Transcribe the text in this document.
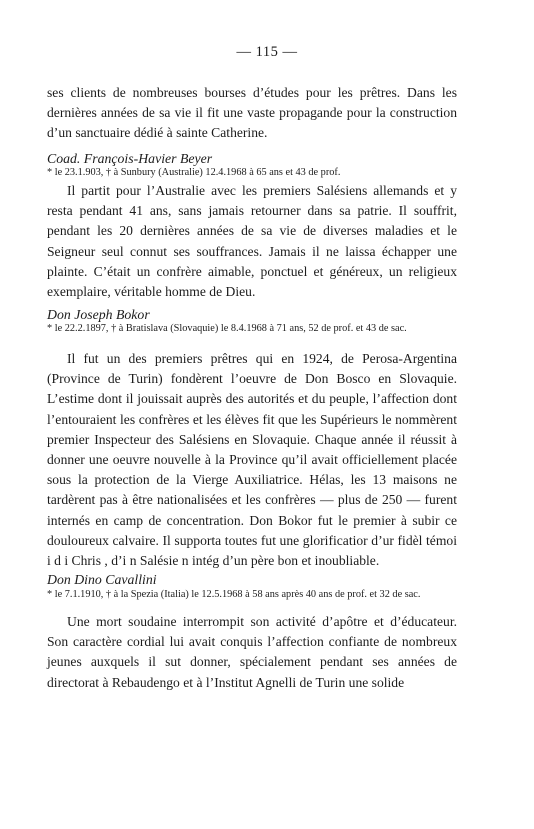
— 115 —

ses clients de nombreuses bourses d’études pour les prêtres. Dans les dernières années de sa vie il fit une vaste propagande pour la construction d’un sanctuaire dédié à sainte Catherine.

Coad. François-Havier Beyer

* le 23.1.903, † à Sunbury (Australie) 12.4.1968 à 65 ans et 43 de prof.

Il partit pour l’Australie avec les premiers Salésiens allemands et y resta pendant 41 ans, sans jamais retourner dans sa patrie. Il souffrit, pendant les 20 dernières années de sa vie de diverses maladies et le Seigneur seul connut ses souffrances. Jamais il ne laissa échapper une plainte. C’était un confrère aimable, ponctuel et généreux, un religieux exemplaire, véritable homme de Dieu.

Don Joseph Bokor

* le 22.2.1897, † à Bratislava (Slovaquie) le 8.4.1968 à 71 ans, 52 de prof. et 43 de sac.

Il fut un des premiers prêtres qui en 1924, de Perosa-Argentina (Province de Turin) fondèrent l’oeuvre de Don Bosco en Slovaquie. L’estime dont il jouissait auprès des autorités et du peuple, l’affection dont l’entouraient les confrères et les élèves fit que les Supérieurs le nommèrent premier Inspecteur des Salésiens en Slovaquie. Chaque année il réussit à donner une oeuvre nouvelle à la Province qu’il avait officiellement placée sous la protection de la Vierge Auxiliatrice. Hélas, les 13 maisons ne tardèrent pas à être nationalisées et les confrères — plus de 250 — furent internés en camp de concentration. Don Bokor fut le premier à subir ce douloureux calvaire. Il supporta toutes fut une glorificatior d’ur fidèl témoi i d i Chris , d’i n Salésie n intég d’un père bon et inoubliable.

Don Dino Cavallini

* le 7.1.1910, † à la Spezia (Italia) le 12.5.1968 à 58 ans après 40 ans de prof. et 32 de sac.

Une mort soudaine interrompit son activité d’apôtre et d’éducateur. Son caractère cordial lui avait conquis l’affection confiante de nombreux jeunes auxquels il sut donner, spécialement pendant ses années de directorat à Rebaudengo et à l’Institut Agnelli de Turin une solide
